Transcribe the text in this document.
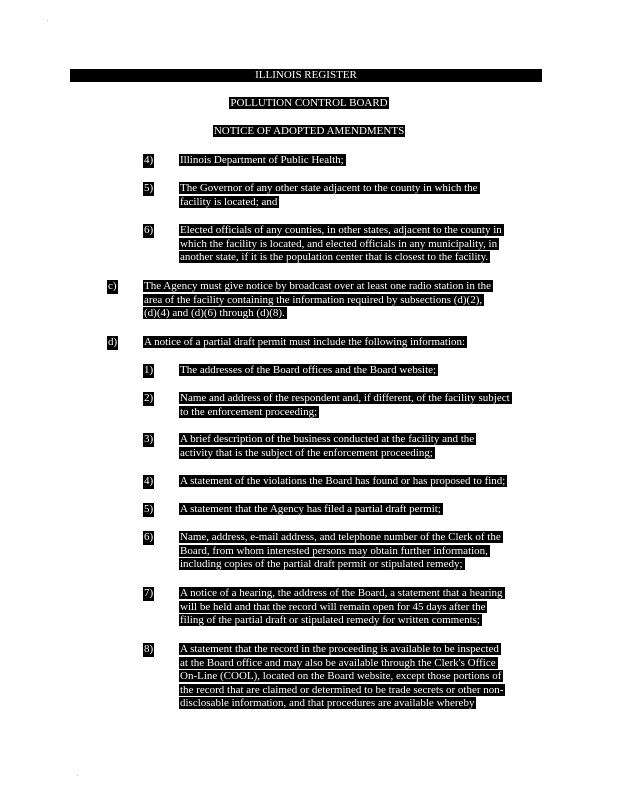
ILLINOIS REGISTER
POLLUTION CONTROL BOARD
NOTICE OF ADOPTED AMENDMENTS
4) Illinois Department of Public Health;
5) The Governor of any other state adjacent to the county in which the
facility is located; and
6) Elected officials of any counties, in other states, adjacent to the county in
which the facility is located, and elected officials in any municipality, in
another state, if it is the population center that is closest to the facility.
c) The Agency must give notice by broadcast over at least one radio station in the
area of the facility containing the information required by subsections (d)(2),
(d)(4) and (d)(6) through (d)(8).
d) A notice of a partial draft permit must include the following information:
1) The addresses of the Board offices and the Board website;
2) Name and address of the respondent and, if different, of the facility subject
to the enforcement proceeding;
3) A brief description of the business conducted at the facility and the
activity that is the subject of the enforcement proceeding;
4) A statement of the violations the Board has found or has proposed to find;
5) A statement that the Agency has filed a partial draft permit;
6) Name, address, e-mail address, and telephone number of the Clerk of the
Board, from whom interested persons may obtain further information,
including copies of the partial draft permit or stipulated remedy;
7) A notice of a hearing, the address of the Board, a statement that a hearing
will be held and that the record will remain open for 45 days after the
filing of the partial draft or stipulated remedy for written comments;
8) A statement that the record in the proceeding is available to be inspected
at the Board office and may also be available through the Clerk's Office
On-Line (COOL), located on the Board website, except those portions of
the record that are claimed or determined to be trade secrets or other non-
disclosable information, and that procedures are available whereby
